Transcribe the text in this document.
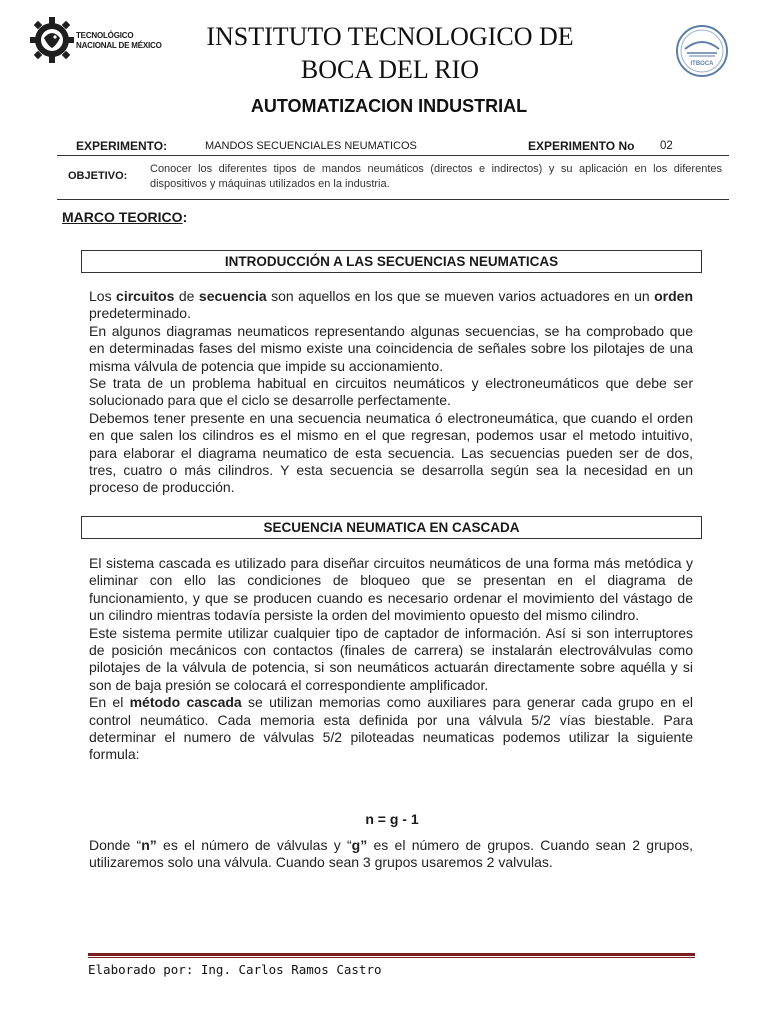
TECNOLÓGICO
NACIONAL DE MÉXICO	INSTITUTO TECNOLOGICO DE
BOCA DEL RIO	ITBOCA
AUTOMATIZACION INDUSTRIAL
EXPERIMENTO:	MANDOS SECUENCIALES NEUMATICOS	EXPERIMENTO No 02
OBJETIVO:
Conocer los diferentes tipos de mandos neumáticos (directos e indirectos) y su aplicación en los diferentes dispositivos y máquinas utilizados en la industria.
MARCO TEORICO:
INTRODUCCIÓN A LAS SECUENCIAS NEUMATICAS

Los circuitos de secuencia son aquellos en los que se mueven varios actuadores en un orden predeterminado.

En algunos diagramas neumaticos representando algunas secuencias, se ha comprobado que en determinadas fases del mismo existe una coincidencia de señales sobre los pilotajes de una misma válvula de potencia que impide su accionamiento.

Se trata de un problema habitual en circuitos neumáticos y electroneumáticos que debe ser solucionado para que el ciclo se desarrolle perfectamente.

Debemos tener presente en una secuencia neumatica ó electroneumática, que cuando el orden en que salen los cilindros es el mismo en el que regresan, podemos usar el metodo intuitivo, para elaborar el diagrama neumatico de esta secuencia. Las secuencias pueden ser de dos, tres, cuatro o más cilindros. Y esta secuencia se desarrolla según sea la necesidad en un proceso de producción.

SECUENCIA NEUMATICA EN CASCADA

El sistema cascada es utilizado para diseñar circuitos neumáticos de una forma más metódica y eliminar con ello las condiciones de bloqueo que se presentan en el diagrama de funcionamiento, y que se producen cuando es necesario ordenar el movimiento del vástago de un cilindro mientras todavía persiste la orden del movimiento opuesto del mismo cilindro.

Este sistema permite utilizar cualquier tipo de captador de información. Así si son interruptores de posición mecánicos con contactos (finales de carrera) se instalarán electroválvulas como pilotajes de la válvula de potencia, si son neumáticos actuarán directamente sobre aquélla y si son de baja presión se colocará el correspondiente amplificador.

En el método cascada se utilizan memorias como auxiliares para generar cada grupo en el control neumático. Cada memoria esta definida por una válvula 5/2 vías biestable. Para determinar el numero de válvulas 5/2 piloteadas neumaticas podemos utilizar la siguiente formula:

n = g - 1

Donde “n” es el número de válvulas y “g” es el número de grupos. Cuando sean 2 grupos, utilizaremos solo una válvula. Cuando sean 3 grupos usaremos 2 valvulas.

Elaborado por: Ing. Carlos Ramos Castro
